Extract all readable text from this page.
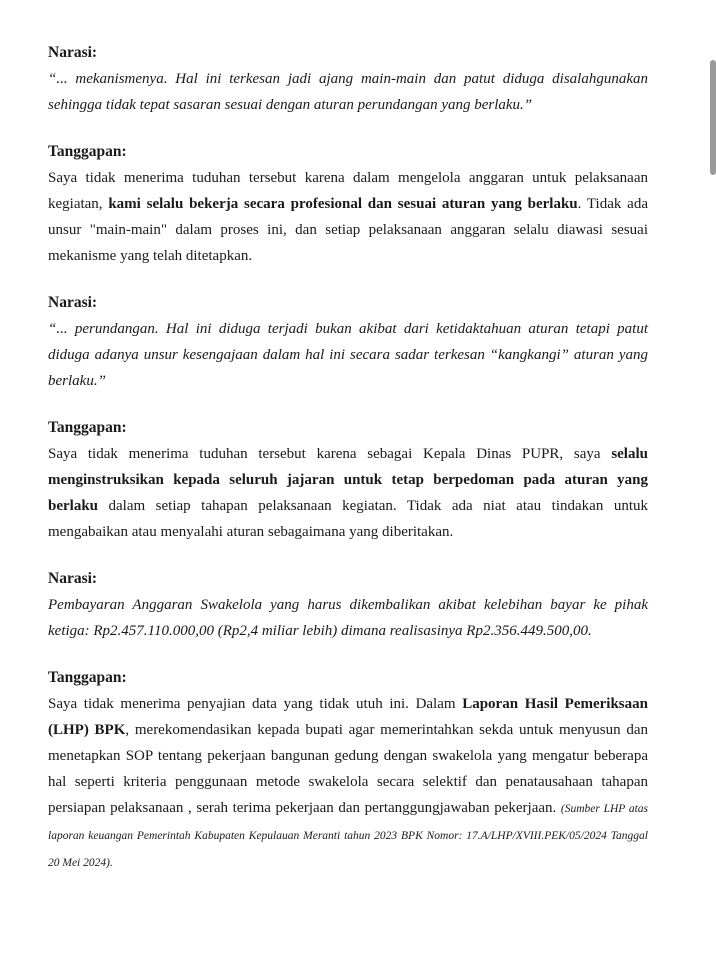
Narasi:

“... mekanismenya. Hal ini terkesan jadi ajang main-main dan patut diduga disalahgunakan sehingga tidak tepat sasaran sesuai dengan aturan perundangan yang berlaku.”

Tanggapan:

Saya tidak menerima tuduhan tersebut karena dalam mengelola anggaran untuk pelaksanaan kegiatan, kami selalu bekerja secara profesional dan sesuai aturan yang berlaku. Tidak ada unsur "main-main" dalam proses ini, dan setiap pelaksanaan anggaran selalu diawasi sesuai mekanisme yang telah ditetapkan.

Narasi:

“... perundangan. Hal ini diduga terjadi bukan akibat dari ketidaktahuan aturan tetapi patut diduga adanya unsur kesengajaan dalam hal ini secara sadar terkesan “kangkangi” aturan yang berlaku.”

Tanggapan:

Saya tidak menerima tuduhan tersebut karena sebagai Kepala Dinas PUPR, saya selalu menginstruksikan kepada seluruh jajaran untuk tetap berpedoman pada aturan yang berlaku dalam setiap tahapan pelaksanaan kegiatan. Tidak ada niat atau tindakan untuk mengabaikan atau menyalahi aturan sebagaimana yang diberitakan.

Narasi:

Pembayaran Anggaran Swakelola yang harus dikembalikan akibat kelebihan bayar ke pihak ketiga: Rp2.457.110.000,00 (Rp2,4 miliar lebih) dimana realisasinya Rp2.356.449.500,00.

Tanggapan:

Saya tidak menerima penyajian data yang tidak utuh ini. Dalam Laporan Hasil Pemeriksaan (LHP) BPK, merekomendasikan kepada bupati agar memerintahkan sekda untuk menyusun dan menetapkan SOP tentang pekerjaan bangunan gedung dengan swakelola yang mengatur beberapa hal seperti kriteria penggunaan metode swakelola secara selektif dan penatausahaan tahapan persiapan pelaksanaan , serah terima pekerjaan dan pertanggungjawaban pekerjaan. (Sumber LHP atas laporan keuangan Pemerintah Kabupaten Kepulauan Meranti tahun 2023 BPK Nomor: 17.A/LHP/XVIII.PEK/05/2024 Tanggal 20 Mei 2024).
